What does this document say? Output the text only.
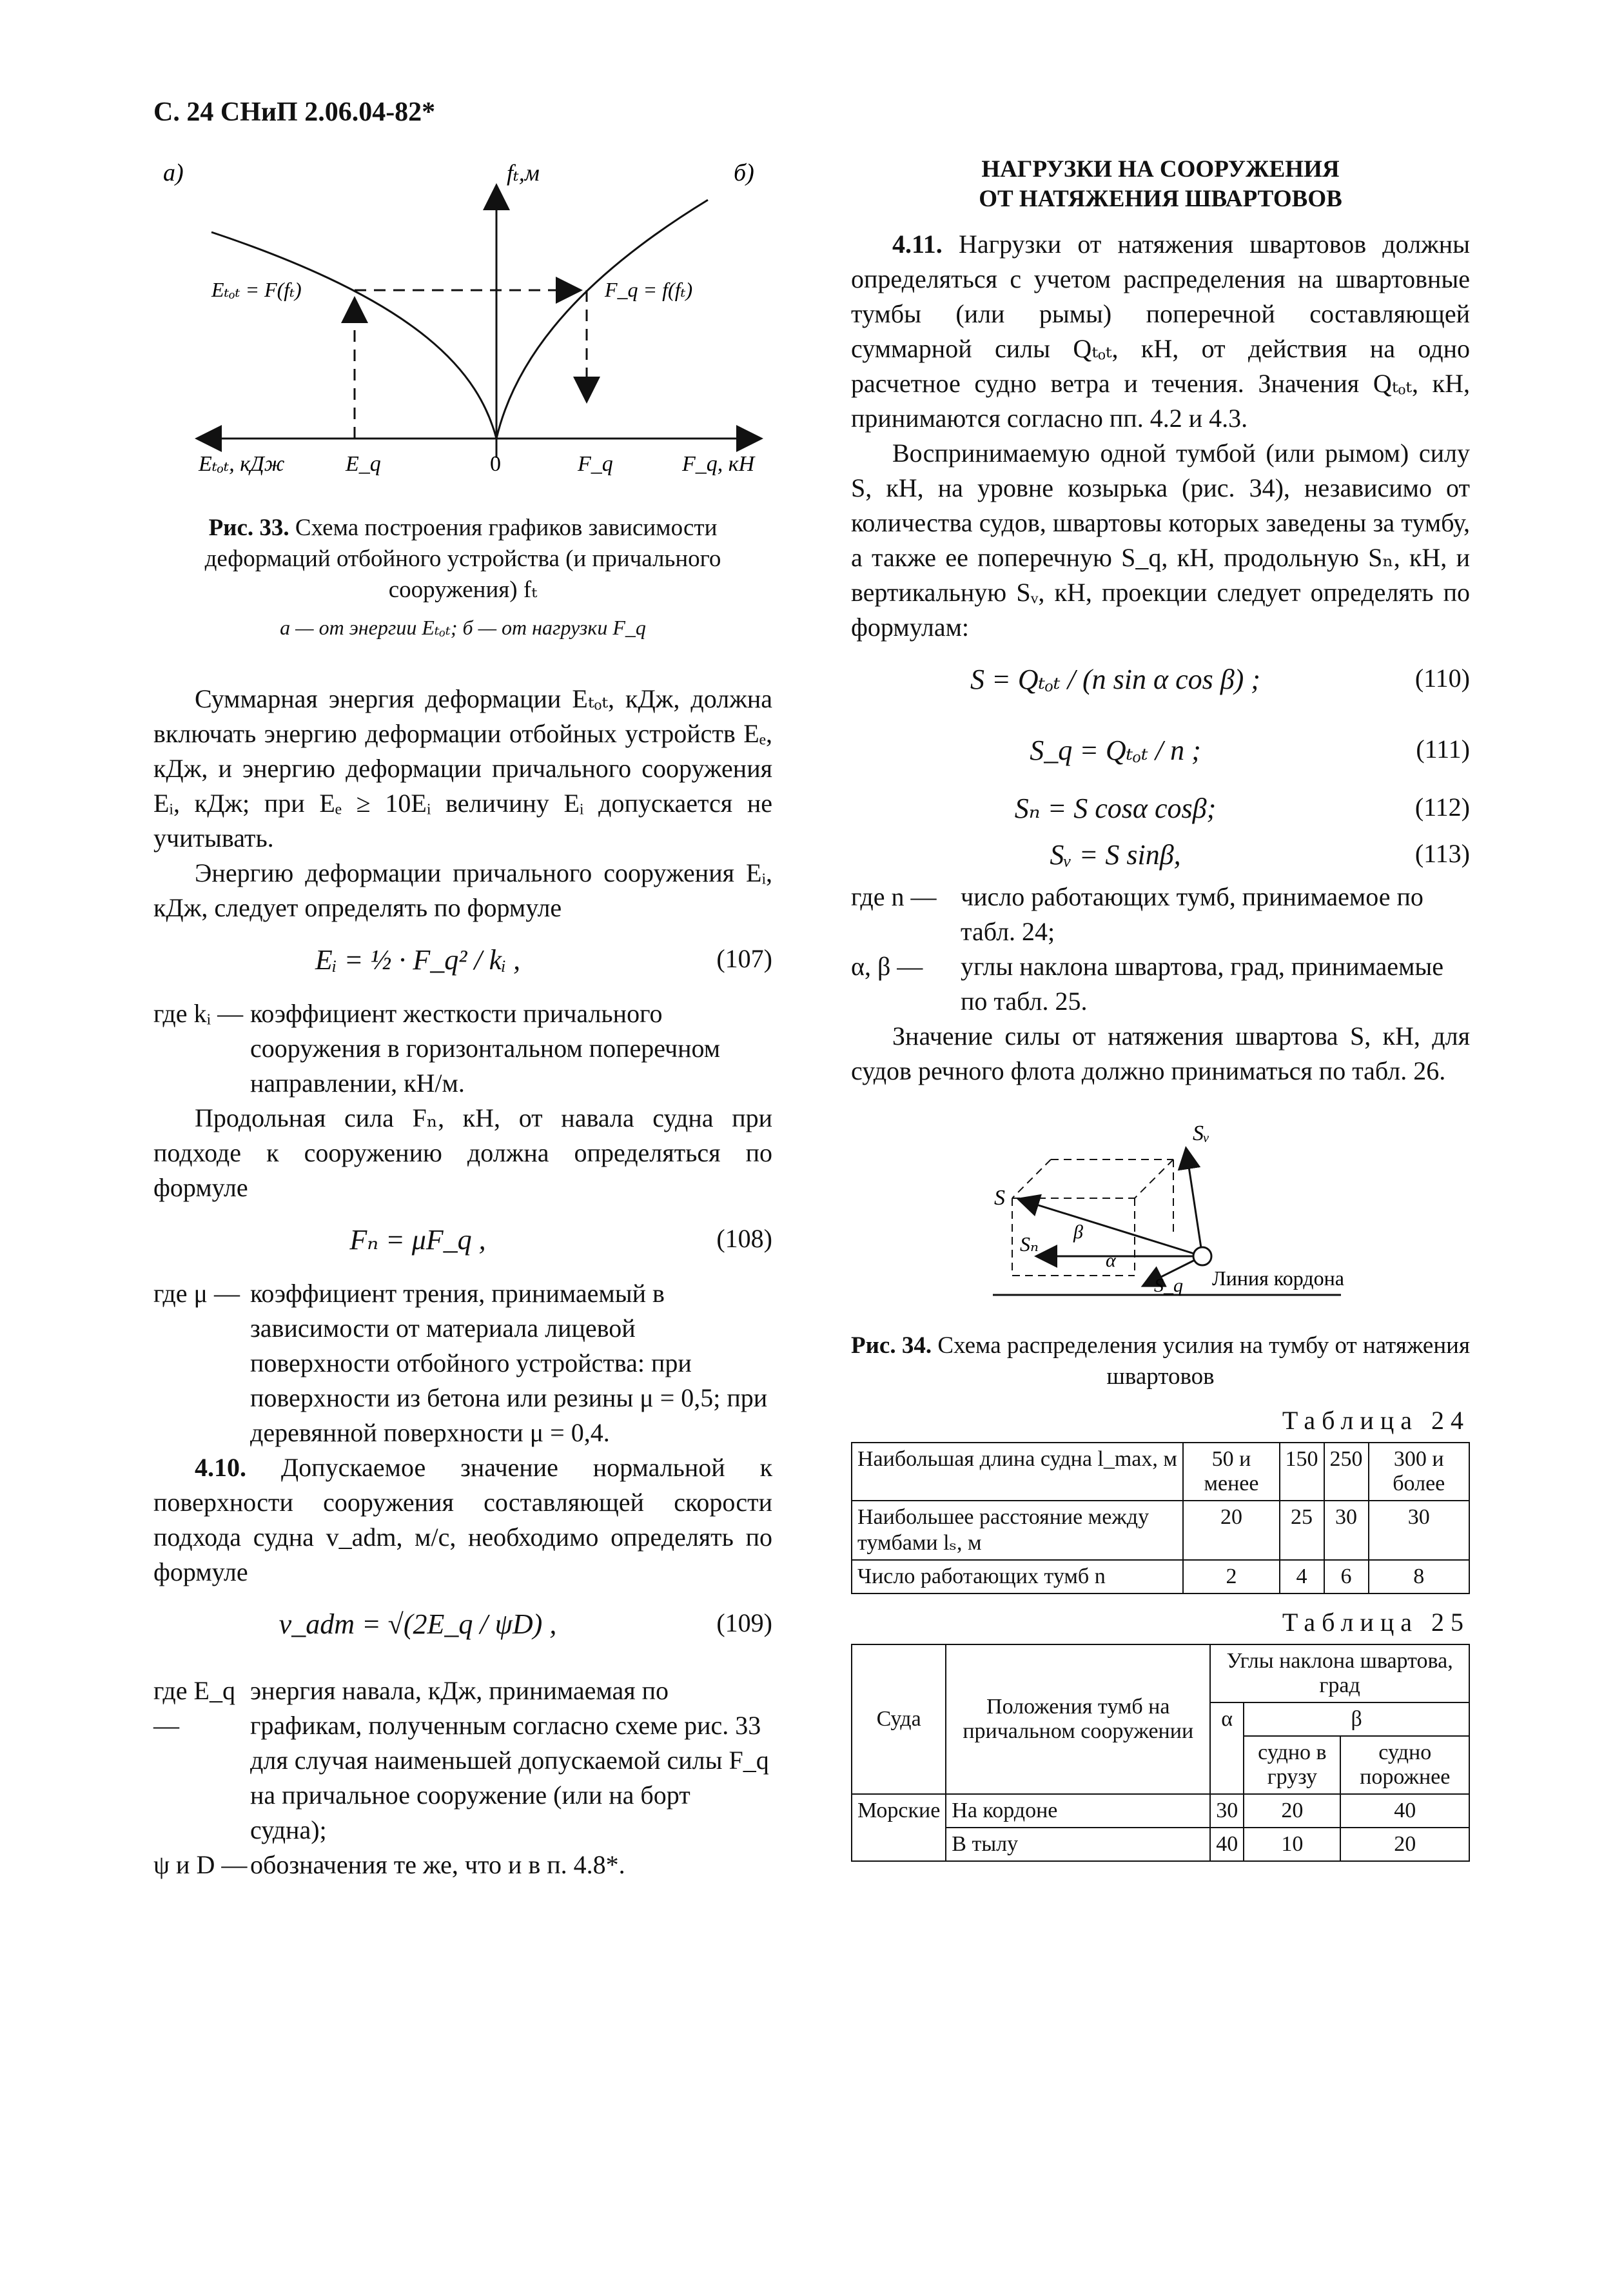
С. 24 СНиП 2.06.04-82*
а)	б)
fₜ,м
Eₜₒₜ = F(fₜ)	F_q = f(fₜ)
Eₜₒₜ, кДж	E_q	0	F_q	F_q, кН

Рис. 33. Схема построения графиков зависимости деформаций отбойного устройства (и причального сооружения) fₜ

а — от энергии Eₜₒₜ; б — от нагрузки F_q

Суммарная энергия деформации Eₜₒₜ, кДж, должна включать энергию деформации отбойных устройств Eₑ, кДж, и энергию деформации причального сооружения Eᵢ, кДж; при Eₑ ≥ 10Eᵢ величину Eᵢ допускается не учитывать.

Энергию деформации причального сооружения Eᵢ, кДж, следует определять по формуле

Eᵢ = ½ · F_q² / kᵢ ,	(107)
где kᵢ — коэффициент жесткости причального сооружения в горизонтальном поперечном направлении, кН/м.

Продольная сила Fₙ, кН, от навала судна при подходе к сооружению должна определяться по формуле

Fₙ = μF_q ,	(108)
где μ — коэффициент трения, принимаемый в зависимости от материала лицевой поверхности отбойного устройства: при поверхности из бетона или резины μ = 0,5; при деревянной поверхности μ = 0,4.

4.10. Допускаемое значение нормальной к поверхности сооружения составляющей скорости подхода судна v_adm, м/с, необходимо определять по формуле

v_adm = √(2E_q / ψD) ,	(109)
где E_q —
энергия навала, кДж, принимаемая по графикам, полученным согласно схеме рис. 33 для случая наименьшей допускаемой силы F_q на причальное сооружение (или на борт судна);
ψ и D — обозначения те же, что и в п. 4.8*.
НАГРУЗКИ НА СООРУЖЕНИЯ
ОТ НАТЯЖЕНИЯ ШВАРТОВОВ

4.11. Нагрузки от натяжения швартовов должны определяться с учетом распределения на швартовные тумбы (или рымы) поперечной составляющей суммарной силы Qₜₒₜ, кН, от действия на одно расчетное судно ветра и течения. Значения Qₜₒₜ, кН, принимаются согласно пп. 4.2 и 4.3.

Воспринимаемую одной тумбой (или рымом) силу S, кН, на уровне козырька (рис. 34), независимо от количества судов, швартовы которых заведены за тумбу, а также ее поперечную S_q, кН, продольную Sₙ, кН, и вертикальную Sᵥ, кН, проекции следует определять по формулам:

S = Qₜₒₜ / (n sin α cos β) ;	(110)
S_q = Qₜₒₜ / n ;	(111)
Sₙ = S cosα cosβ;	(112)
Sᵥ = S sinβ,	(113)
где n — число работающих тумб, принимаемое по табл. 24;
α, β —	углы наклона швартова, град, принимаемые по табл. 25.

Значение силы от натяжения швартова S, кН, для судов речного флота должно приниматься по табл. 26.

Sᵥ
S
Sₙ
β
α
S_q Линия кордона

Рис. 34. Схема распределения усилия на тумбу от натяжения швартовов

Таблица 24
Наибольшая длина судна l_max, м	50 и менее	150	250	300 и более
Наибольшее расстояние между тумбами lₛ, м	20	25	30	30
Число работающих тумб n	2	4	6	8
Таблица 25
Суда	Положения тумб на причальном сооружении	Углы наклона швартова, град		
		α	β	
			судно в грузу	судно порожнее
Морские	На кордоне	30	20	40
	В тылу	40	10	20
